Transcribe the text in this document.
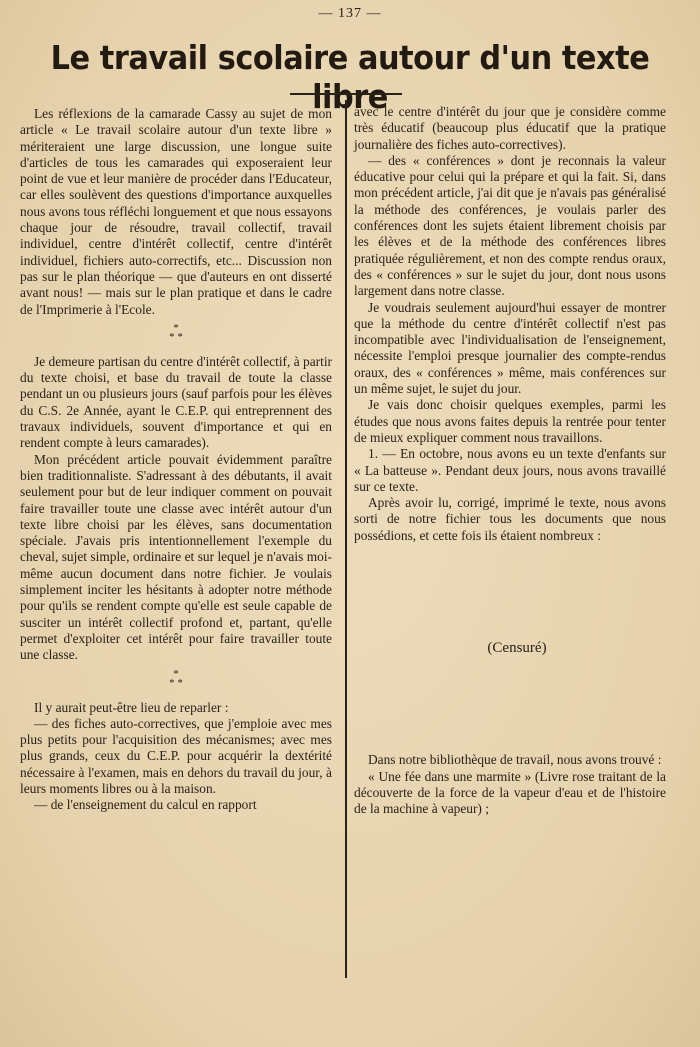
— 137 —
Le travail scolaire autour d'un texte libre

Les réflexions de la camarade Cassy au sujet de mon article « Le travail scolaire autour d'un texte libre » mériteraient une large discussion, une longue suite d'articles de tous les camarades qui exposeraient leur point de vue et leur manière de procéder dans l'Educateur, car elles soulèvent des questions d'importance auxquelles nous avons tous réfléchi longuement et que nous essayons chaque jour de résoudre, travail collectif, travail individuel, centre d'intérêt collectif, centre d'intérêt individuel, fichiers auto-correctifs, etc... Discussion non pas sur le plan théorique — que d'auteurs en ont disserté avant nous! — mais sur le plan pratique et dans le cadre de l'Imprimerie à l'Ecole.

*
* *

Je demeure partisan du centre d'intérêt collectif, à partir du texte choisi, et base du travail de toute la classe pendant un ou plusieurs jours (sauf parfois pour les élèves du C.S. 2e Année, ayant le C.E.P. qui entreprennent des travaux individuels, souvent d'importance et qui en rendent compte à leurs camarades).

Mon précédent article pouvait évidemment paraître bien traditionnaliste. S'adressant à des débutants, il avait seulement pour but de leur indiquer comment on pouvait faire travailler toute une classe avec intérêt autour d'un texte libre choisi par les élèves, sans documentation spéciale. J'avais pris intentionnellement l'exemple du cheval, sujet simple, ordinaire et sur lequel je n'avais moi-même aucun document dans notre fichier. Je voulais simplement inciter les hésitants à adopter notre méthode pour qu'ils se rendent compte qu'elle est seule capable de susciter un intérêt collectif profond et, partant, qu'elle permet d'exploiter cet intérêt pour faire travailler toute une classe.

*
* *

Il y aurait peut-être lieu de reparler :

— des fiches auto-correctives, que j'emploie avec mes plus petits pour l'acquisition des mécanismes; avec mes plus grands, ceux du C.E.P. pour acquérir la dextérité nécessaire à l'examen, mais en dehors du travail du jour, à leurs moments libres ou à la maison.

— de l'enseignement du calcul en rapport

avec le centre d'intérêt du jour que je considère comme très éducatif (beaucoup plus éducatif que la pratique journalière des fiches auto-correctives).

— des « conférences » dont je reconnais la valeur éducative pour celui qui la prépare et qui la fait. Si, dans mon précédent article, j'ai dit que je n'avais pas généralisé la méthode des conférences, je voulais parler des conférences dont les sujets étaient librement choisis par les élèves et de la méthode des conférences libres pratiquée régulièrement, et non des compte rendus oraux, des « conférences » sur le sujet du jour, dont nous usons largement dans notre classe.

Je voudrais seulement aujourd'hui essayer de montrer que la méthode du centre d'intérêt collectif n'est pas incompatible avec l'individualisation de l'enseignement, nécessite l'emploi presque journalier des compte-rendus oraux, des « conférences » même, mais conférences sur un même sujet, le sujet du jour.

Je vais donc choisir quelques exemples, parmi les études que nous avons faites depuis la rentrée pour tenter de mieux expliquer comment nous travaillons.

1. — En octobre, nous avons eu un texte d'enfants sur « La batteuse ». Pendant deux jours, nous avons travaillé sur ce texte.

Après avoir lu, corrigé, imprimé le texte, nous avons sorti de notre fichier tous les documents que nous possédions, et cette fois ils étaient nombreux :

(Censuré)

Dans notre bibliothèque de travail, nous avons trouvé :

« Une fée dans une marmite » (Livre rose traitant de la découverte de la force de la vapeur d'eau et de l'histoire de la machine à vapeur) ;
